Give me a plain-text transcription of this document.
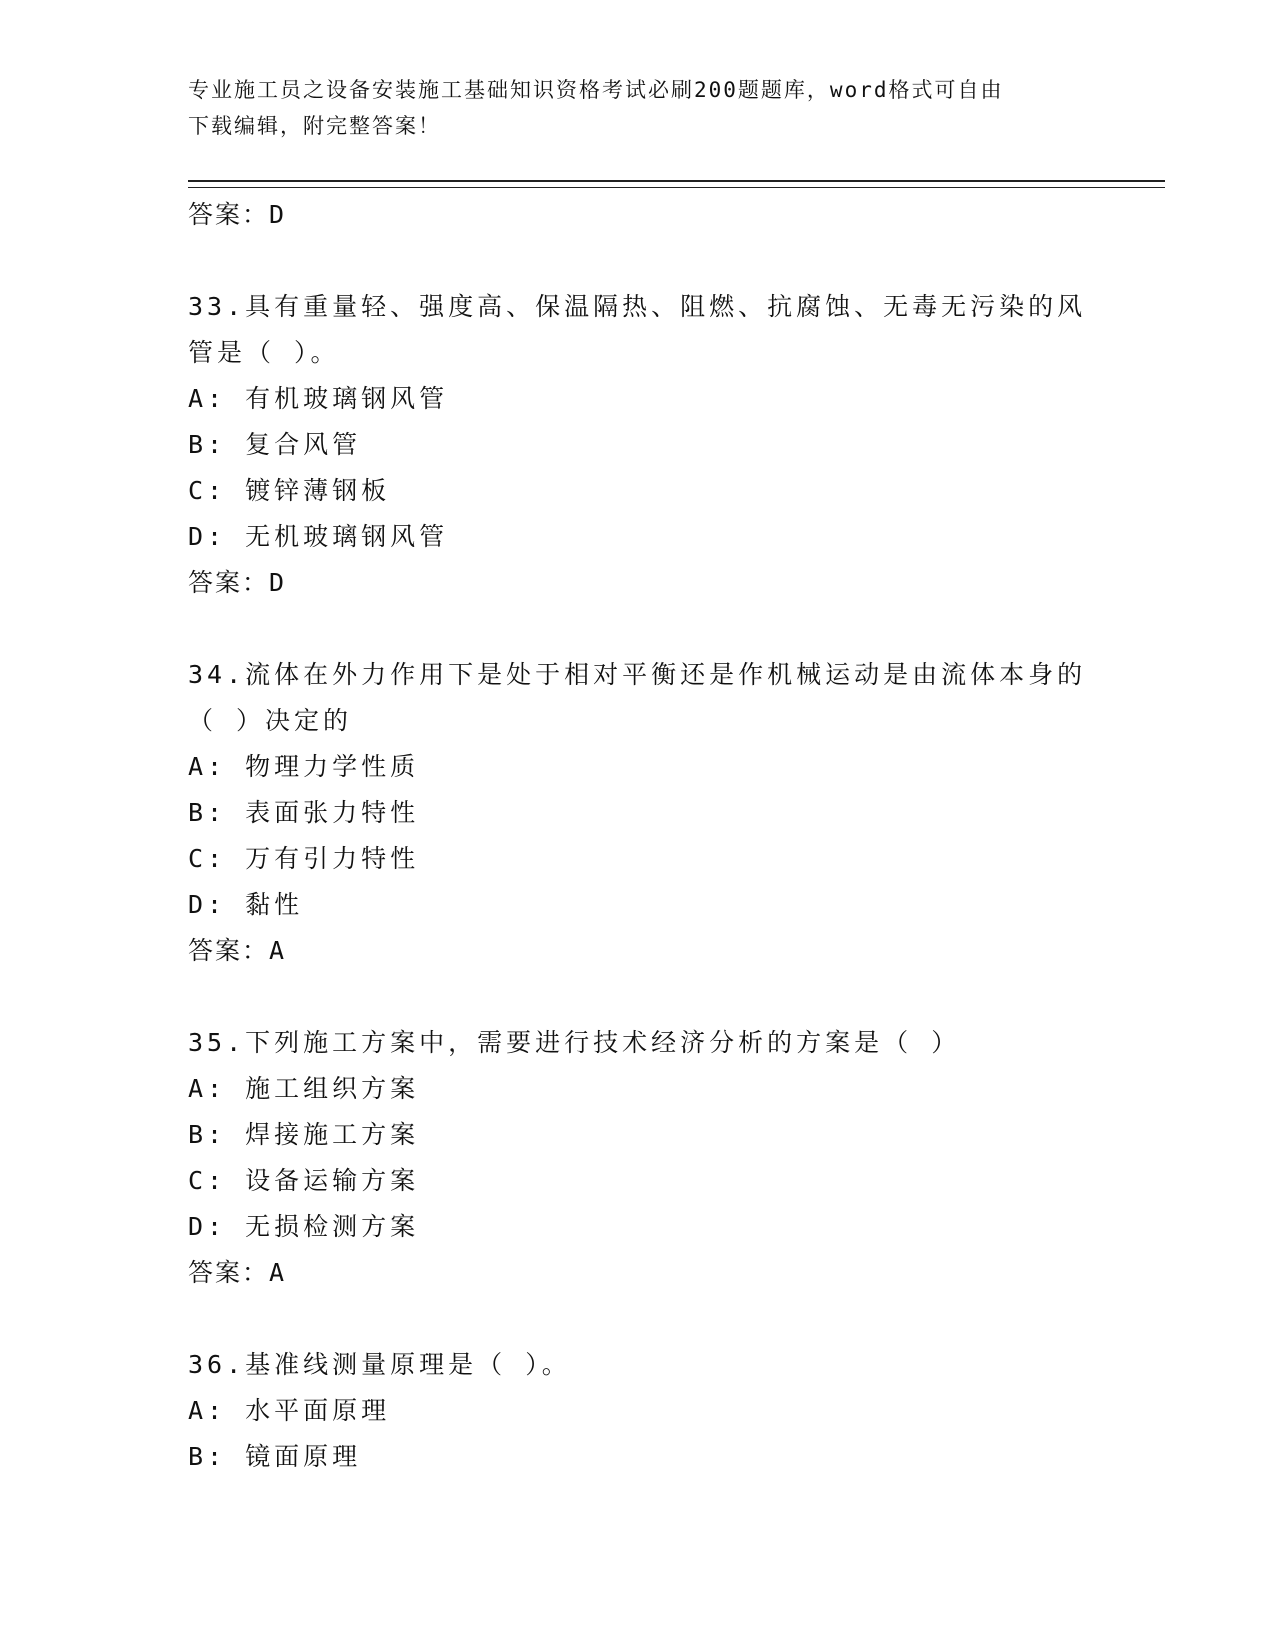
专业施工员之设备安装施工基础知识资格考试必刷200题题库，word格式可自由
下载编辑，附完整答案！
答案：D
33.具有重量轻、强度高、保温隔热、阻燃、抗腐蚀、无毒无污染的风
管是（ ）。
A: 有机玻璃钢风管
B: 复合风管
C: 镀锌薄钢板
D: 无机玻璃钢风管
答案：D
34.流体在外力作用下是处于相对平衡还是作机械运动是由流体本身的
（ ）决定的
A: 物理力学性质
B: 表面张力特性
C: 万有引力特性
D: 黏性
答案：A
35.下列施工方案中，需要进行技术经济分析的方案是（ ）
A: 施工组织方案
B: 焊接施工方案
C: 设备运输方案
D: 无损检测方案
答案：A
36.基准线测量原理是（ ）。
A: 水平面原理
B: 镜面原理
